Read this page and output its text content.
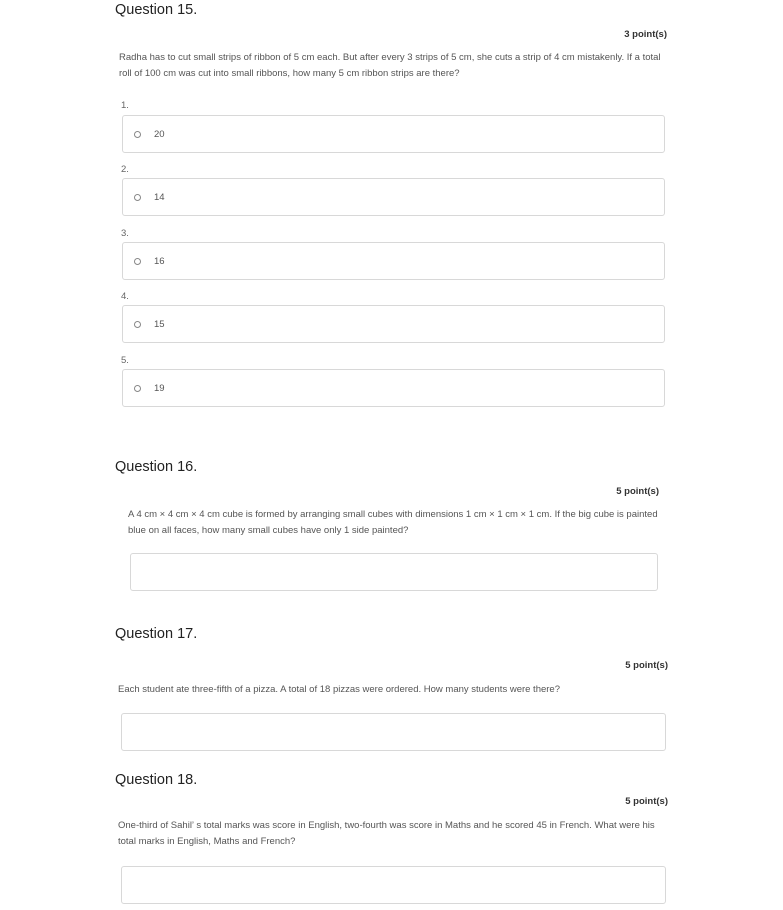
Question 15.
3 point(s)
Radha has to cut small strips of ribbon of 5 cm each. But after every 3 strips of 5 cm, she cuts a strip of 4 cm mistakenly. If a total roll of 100 cm was cut into small ribbons, how many 5 cm ribbon strips are there?
1.
20
2.
14
3.
16
4.
15
5.
19
Question 16.
5 point(s)
A 4 cm × 4 cm × 4 cm cube is formed by arranging small cubes with dimensions 1 cm × 1 cm × 1 cm. If the big cube is painted blue on all faces, how many small cubes have only 1 side painted?
Question 17.
5 point(s)
Each student ate three-fifth of a pizza. A total of 18 pizzas were ordered. How many students were there?
Question 18.
5 point(s)
One-third of Sahil’ s total marks was score in English, two-fourth was score in Maths and he scored 45 in French. What were his total marks in English, Maths and French?
